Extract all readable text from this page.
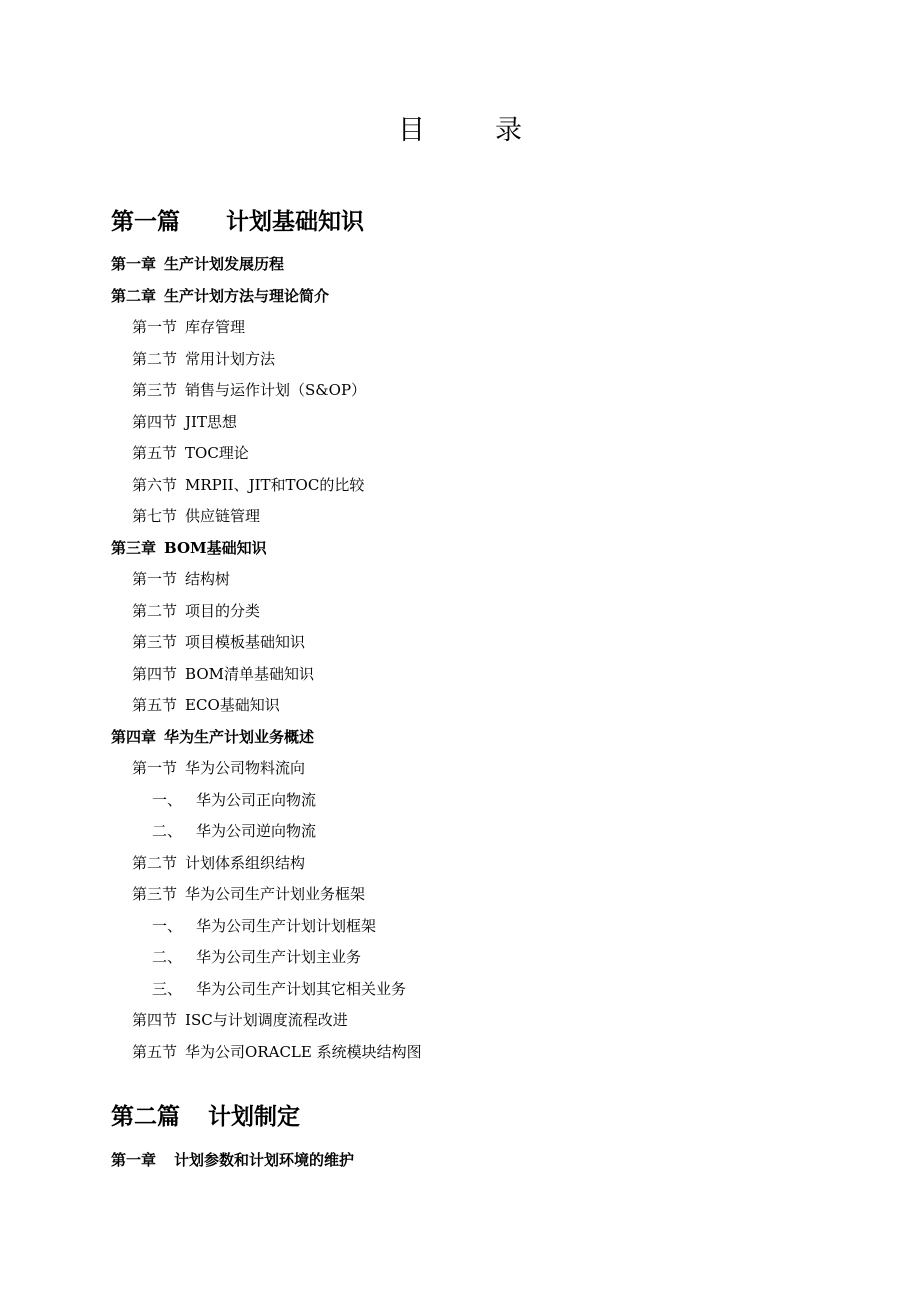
目	录
第一篇 计划基础知识
第一章 生产计划发展历程
第二章 生产计划方法与理论简介
第一节 库存管理
第二节 常用计划方法
第三节 销售与运作计划（S&OP）
第四节 JIT思想
第五节 TOC理论
第六节 MRPII、JIT和TOC的比较
第七节 供应链管理
第三章 BOM基础知识
第一节 结构树
第二节 项目的分类
第三节 项目模板基础知识
第四节 BOM清单基础知识
第五节 ECO基础知识
第四章 华为生产计划业务概述
第一节 华为公司物料流向
一、 华为公司正向物流
二、 华为公司逆向物流
第二节 计划体系组织结构
第三节 华为公司生产计划业务框架
一、 华为公司生产计划计划框架
二、 华为公司生产计划主业务
三、 华为公司生产计划其它相关业务
第四节 ISC与计划调度流程改进
第五节 华为公司ORACLE 系统模块结构图
第二篇 计划制定
第一章 计划参数和计划环境的维护
